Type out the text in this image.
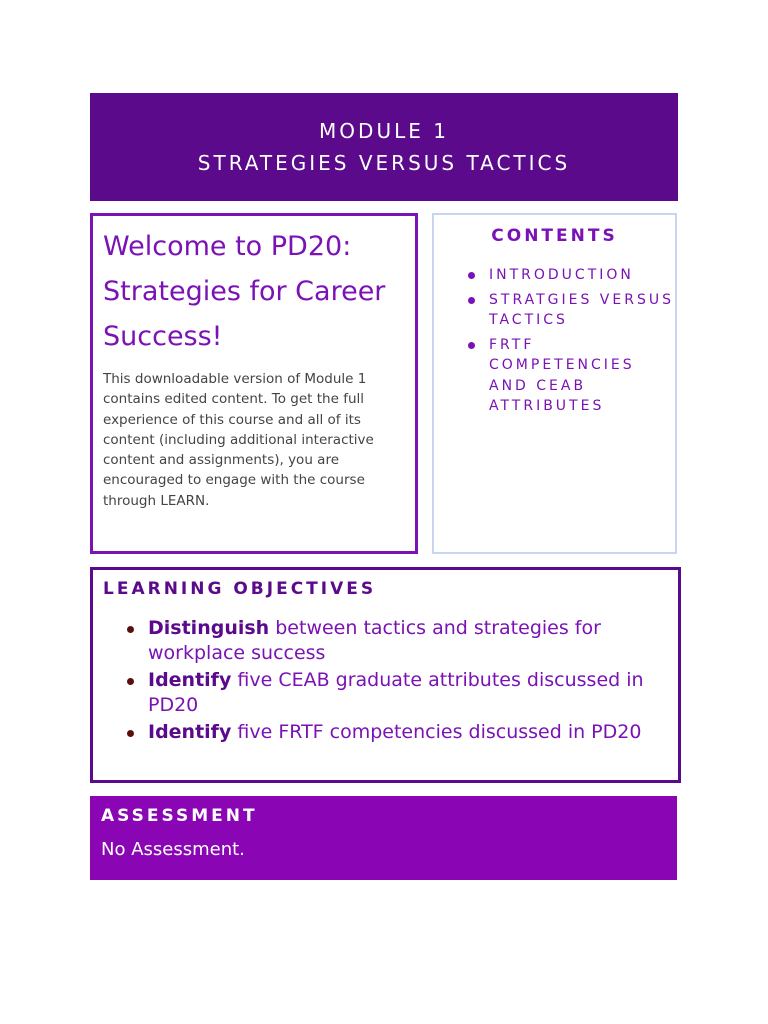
MODULE 1
STRATEGIES VERSUS TACTICS
Welcome to PD20: Strategies for Career Success!

This downloadable version of Module 1 contains edited content. To get the full experience of this course and all of its content (including additional interactive content and assignments), you are encouraged to engage with the course through LEARN.

CONTENTS
INTRODUCTION
STRATGIES VERSUS TACTICS
FRTF COMPETENCIES AND CEAB ATTRIBUTES
LEARNING OBJECTIVES
Distinguish between tactics and strategies for workplace success
Identify five CEAB graduate attributes discussed in PD20
Identify five FRTF competencies discussed in PD20
ASSESSMENT

No Assessment.
